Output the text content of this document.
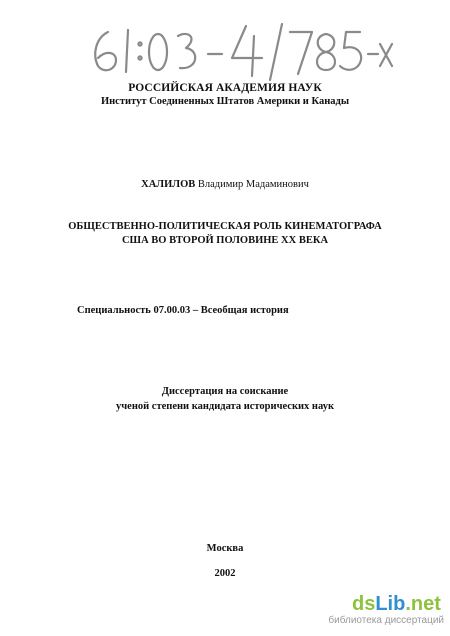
РОССИЙСКАЯ АКАДЕМИЯ НАУК
Институт Соединенных Штатов Америки и Канады
ХАЛИЛОВ Владимир Мадаминович
ОБЩЕСТВЕННО-ПОЛИТИЧЕСКАЯ РОЛЬ КИНЕМАТОГРАФА
США ВО ВТОРОЙ ПОЛОВИНЕ XX ВЕКА
Специальность 07.00.03 – Всеобщая история
Диссертация на соискание
ученой степени кандидата исторических наук
Москва
2002
dsLib.net
библиотека диссертаций
